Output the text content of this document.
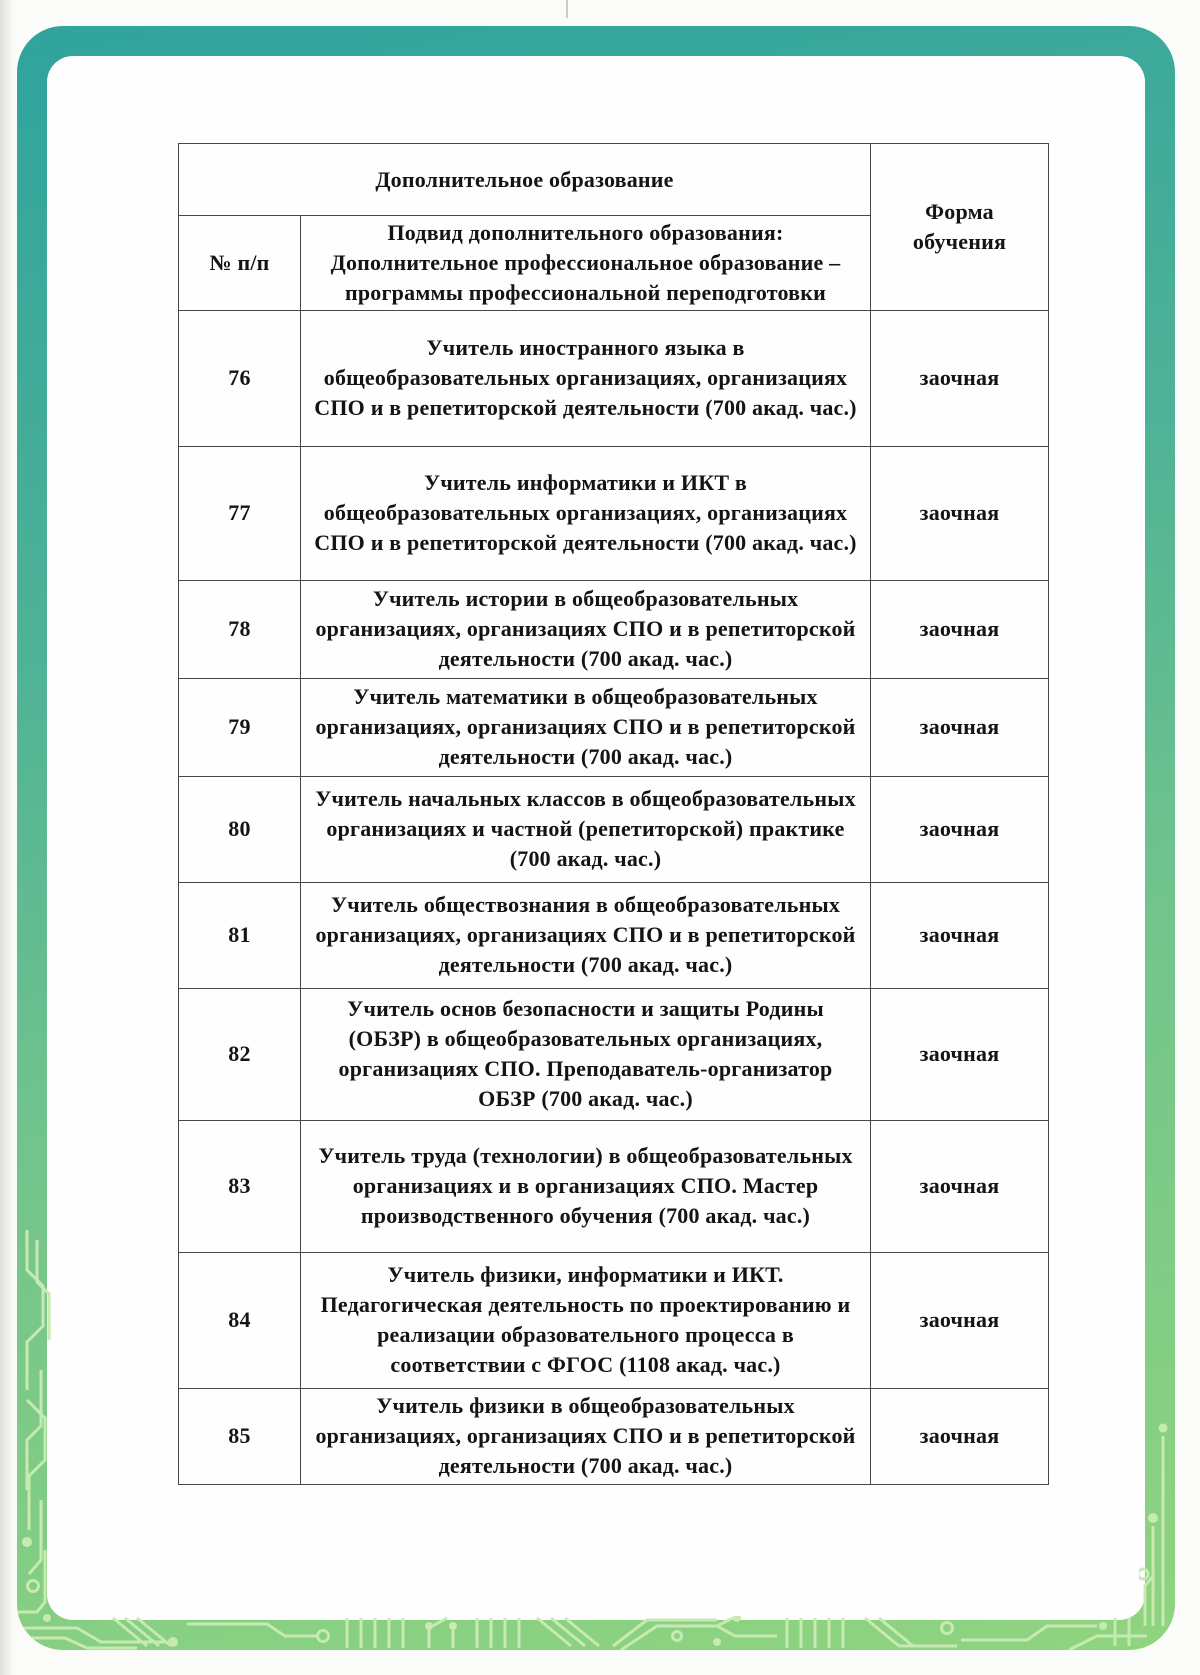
Дополнительное образование		Форма обучения
№ п/п	Подвид дополнительного образования: Дополнительное профессиональное образование – программы профессиональной переподготовки	
76	Учитель иностранного языка в общеобразовательных организациях, организациях СПО и в репетиторской деятельности (700 акад. час.)	заочная
77	Учитель информатики и ИКТ в общеобразовательных организациях, организациях СПО и в репетиторской деятельности (700 акад. час.)	заочная
78	Учитель истории в общеобразовательных организациях, организациях СПО и в репетиторской деятельности (700 акад. час.)	заочная
79	Учитель математики в общеобразовательных организациях, организациях СПО и в репетиторской деятельности (700 акад. час.)	заочная
80	Учитель начальных классов в общеобразовательных организациях и частной (репетиторской) практике (700 акад. час.)	заочная
81	Учитель обществознания в общеобразовательных организациях, организациях СПО и в репетиторской деятельности (700 акад. час.)	заочная
82	Учитель основ безопасности и защиты Родины (ОБЗР) в общеобразовательных организациях, организациях СПО. Преподаватель-организатор ОБЗР (700 акад. час.)	заочная
83	Учитель труда (технологии) в общеобразовательных организациях и в организациях СПО. Мастер производственного обучения (700 акад. час.)	заочная
84	Учитель физики, информатики и ИКТ. Педагогическая деятельность по проектированию и реализации образовательного процесса в соответствии с ФГОС (1108 акад. час.)	заочная
85	Учитель физики в общеобразовательных организациях, организациях СПО и в репетиторской деятельности (700 акад. час.)	заочная
